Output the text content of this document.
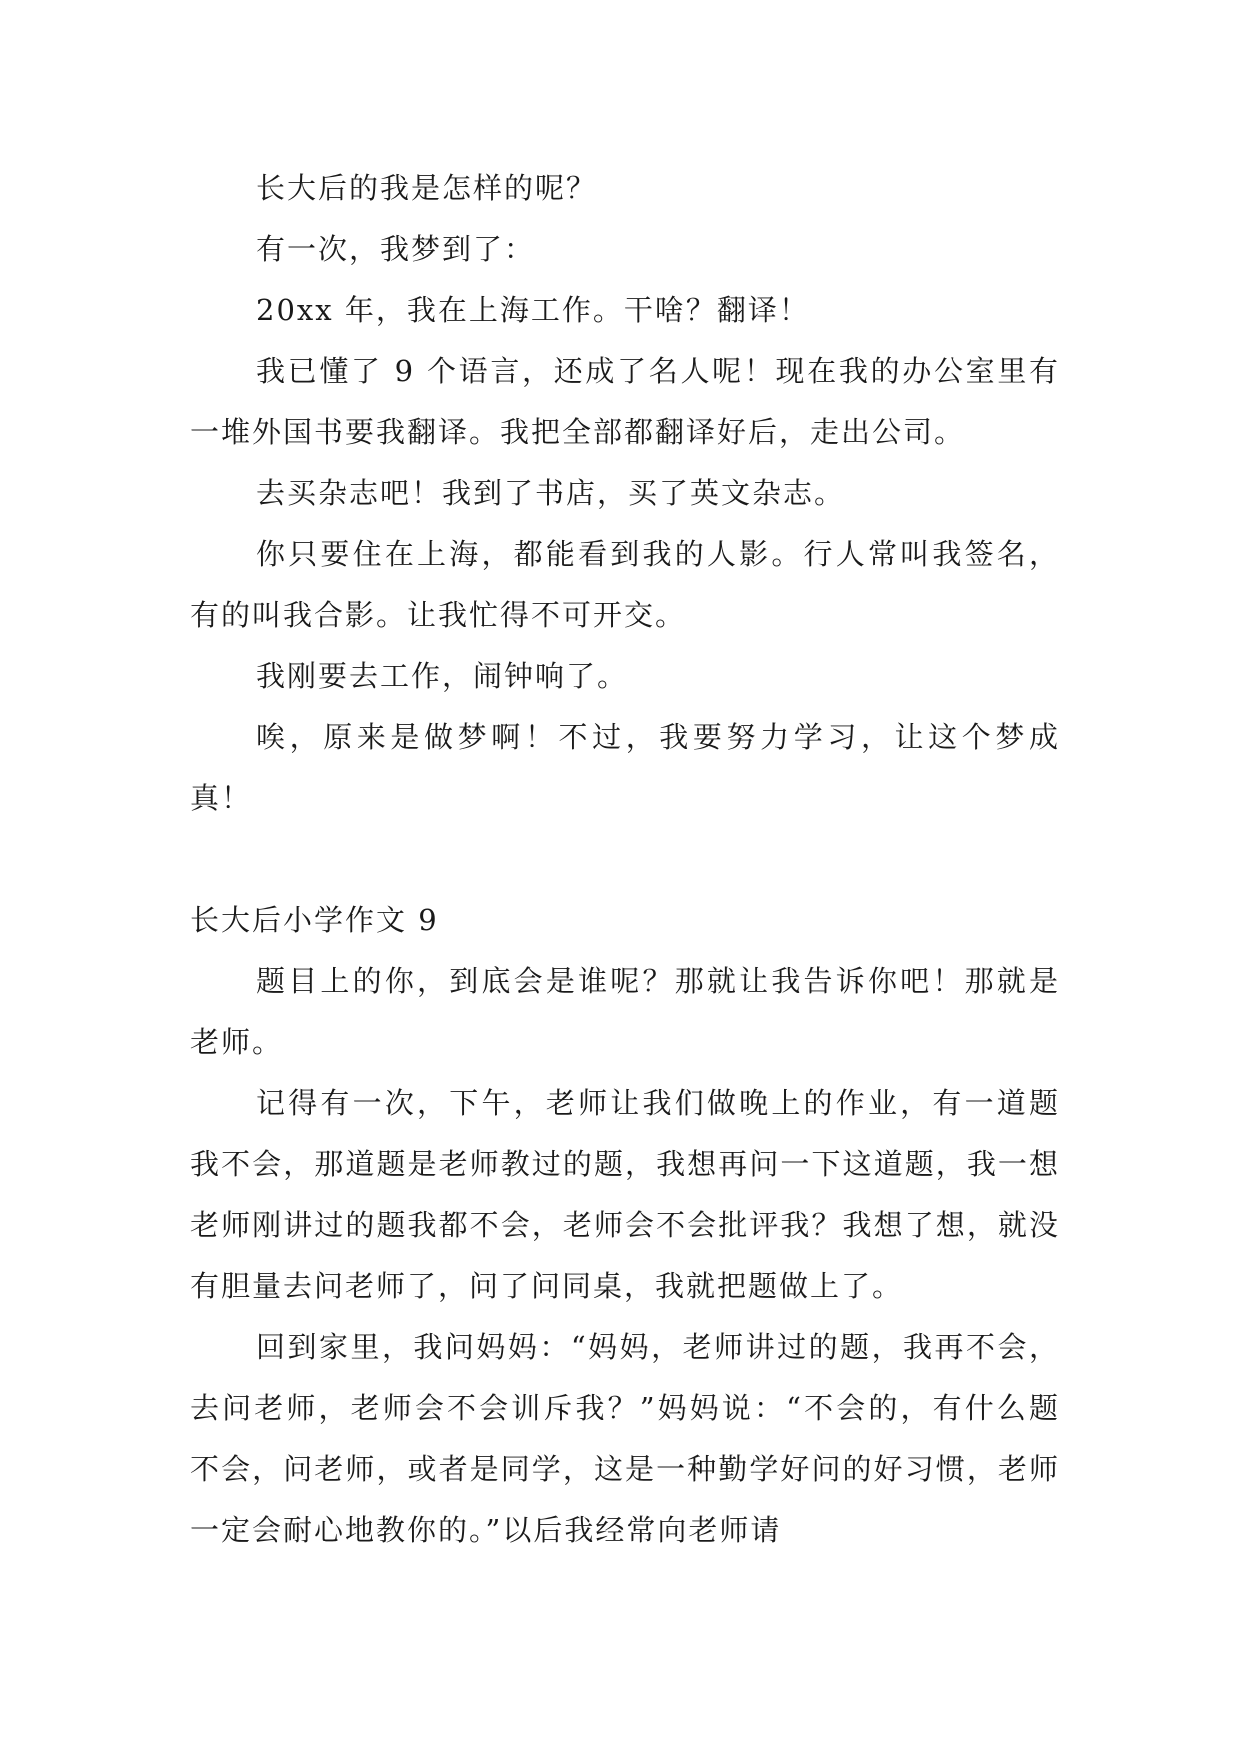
长大后的我是怎样的呢？

有一次，我梦到了：

20xx 年，我在上海工作。干啥？翻译！

我已懂了 9 个语言，还成了名人呢！现在我的办公室里有一堆外国书要我翻译。我把全部都翻译好后，走出公司。

去买杂志吧！我到了书店，买了英文杂志。

你只要住在上海，都能看到我的人影。行人常叫我签名，有的叫我合影。让我忙得不可开交。

我刚要去工作，闹钟响了。

唉，原来是做梦啊！不过，我要努力学习，让这个梦成真！

长大后小学作文 9

题目上的你，到底会是谁呢？那就让我告诉你吧！那就是老师。

记得有一次，下午，老师让我们做晚上的作业，有一道题我不会，那道题是老师教过的题，我想再问一下这道题，我一想老师刚讲过的题我都不会，老师会不会批评我？我想了想，就没有胆量去问老师了，问了问同桌，我就把题做上了。

回到家里，我问妈妈：“妈妈，老师讲过的题，我再不会，去问老师，老师会不会训斥我？”妈妈说：“不会的，有什么题不会，问老师，或者是同学，这是一种勤学好问的好习惯，老师一定会耐心地教你的。”以后我经常向老师请
